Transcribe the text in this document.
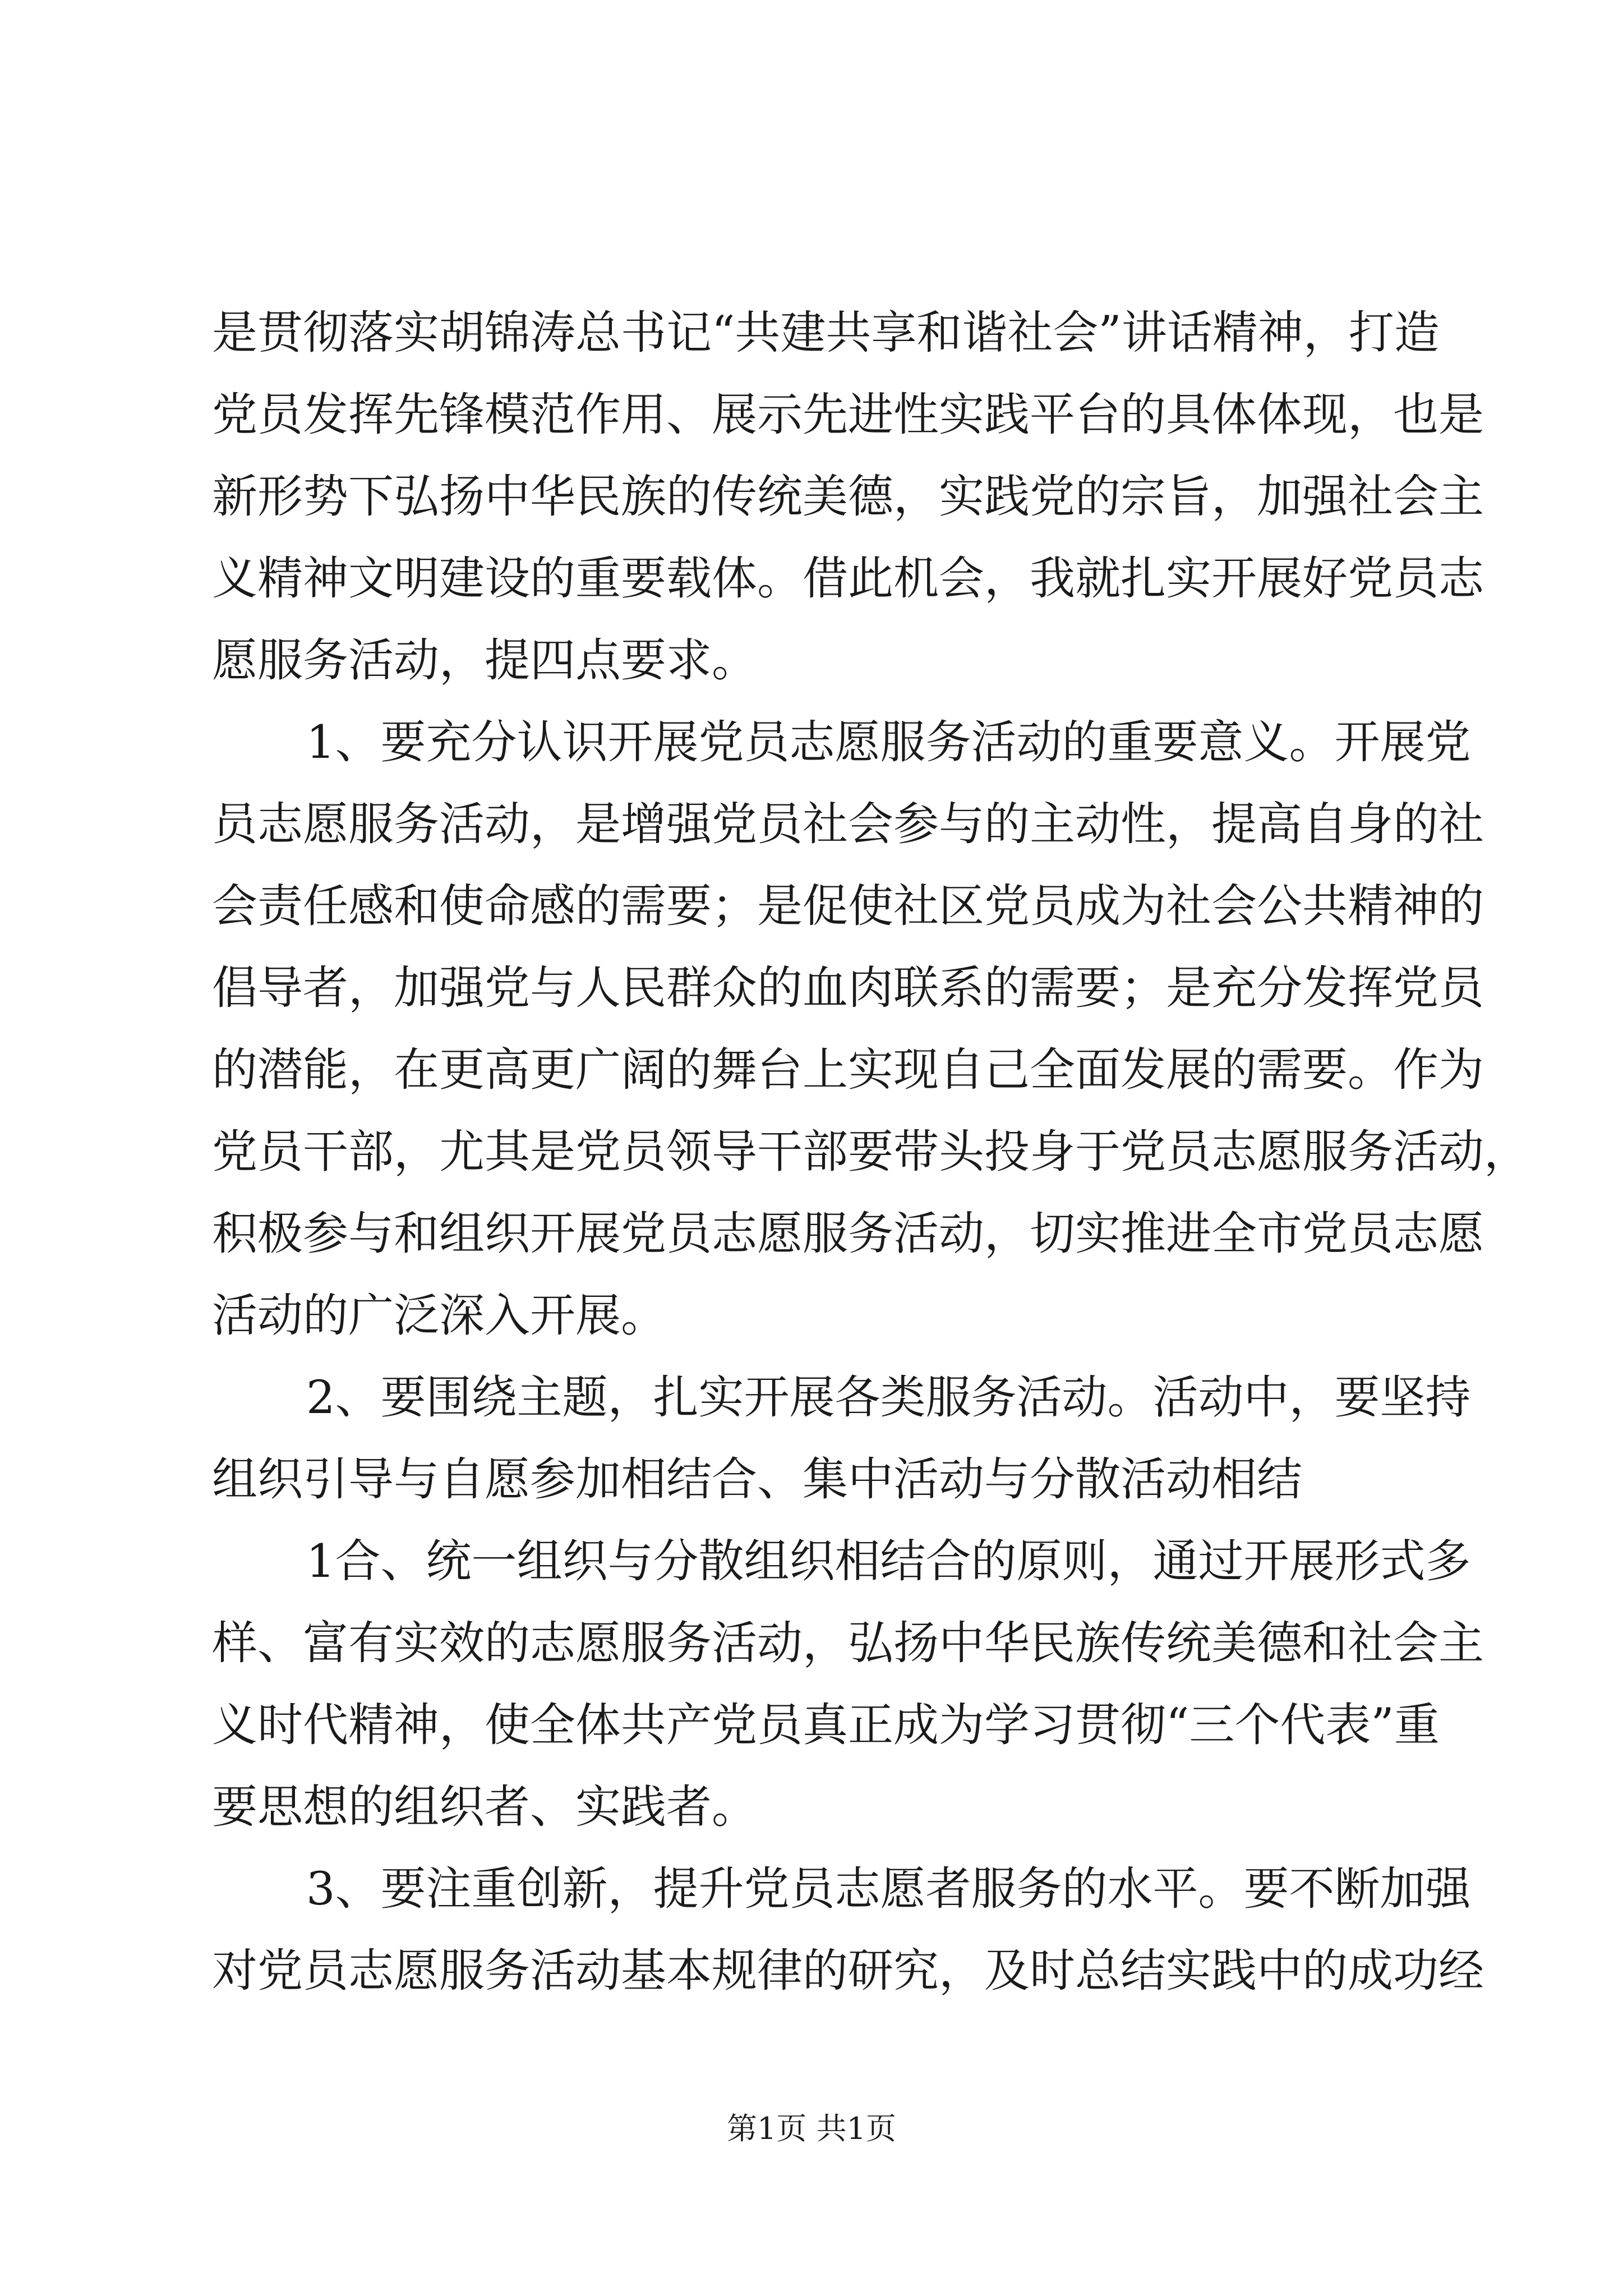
是贯彻落实胡锦涛总书记“共建共享和谐社会”讲话精神，打造
党员发挥先锋模范作用、展示先进性实践平台的具体体现，也是
新形势下弘扬中华民族的传统美德，实践党的宗旨，加强社会主
义精神文明建设的重要载体。借此机会，我就扎实开展好党员志
愿服务活动，提四点要求。
1、要充分认识开展党员志愿服务活动的重要意义。开展党
员志愿服务活动，是增强党员社会参与的主动性，提高自身的社
会责任感和使命感的需要；是促使社区党员成为社会公共精神的
倡导者，加强党与人民群众的血肉联系的需要；是充分发挥党员
的潜能，在更高更广阔的舞台上实现自己全面发展的需要。作为
党员干部，尤其是党员领导干部要带头投身于党员志愿服务活动，
积极参与和组织开展党员志愿服务活动，切实推进全市党员志愿
活动的广泛深入开展。
2、要围绕主题，扎实开展各类服务活动。活动中，要坚持
组织引导与自愿参加相结合、集中活动与分散活动相结
1合、统一组织与分散组织相结合的原则，通过开展形式多
样、富有实效的志愿服务活动，弘扬中华民族传统美德和社会主
义时代精神，使全体共产党员真正成为学习贯彻“三个代表”重
要思想的组织者、实践者。
3、要注重创新，提升党员志愿者服务的水平。要不断加强
对党员志愿服务活动基本规律的研究，及时总结实践中的成功经
第1页 共1页
